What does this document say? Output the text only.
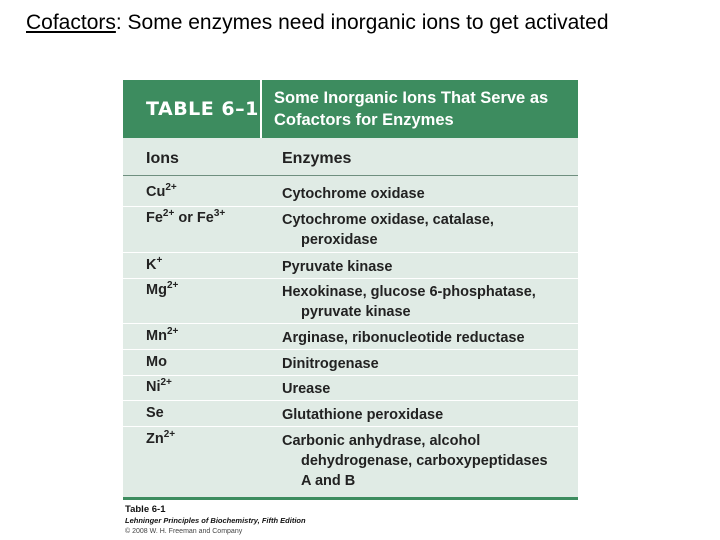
Cofactors: Some enzymes need inorganic ions to get activated
TABLE 6–1 Some Inorganic Ions That Serve as
Cofactors for Enzymes
Ions	Enzymes
$Cu^{2+}$	Cytochrome oxidase
$Fe^{2+}$ or $Fe^{3+}$	Cytochrome oxidase, catalase,
peroxidase
K+	Pyruvate kinase
$Mg^{2+}$	Hexokinase, glucose 6-phosphatase,
pyruvate kinase
$Mn^{2+}$	Arginase, ribonucleotide reductase
Mo	Dinitrogenase
$Ni^{2+}$	Urease
Se	Glutathione peroxidase
$Zn^{2+}$	Carbonic anhydrase, alcohol
dehydrogenase, carboxypeptidases
A and B
Table 6-1
Lehninger Principles of Biochemistry, Fifth Edition
© 2008 W. H. Freeman and Company
